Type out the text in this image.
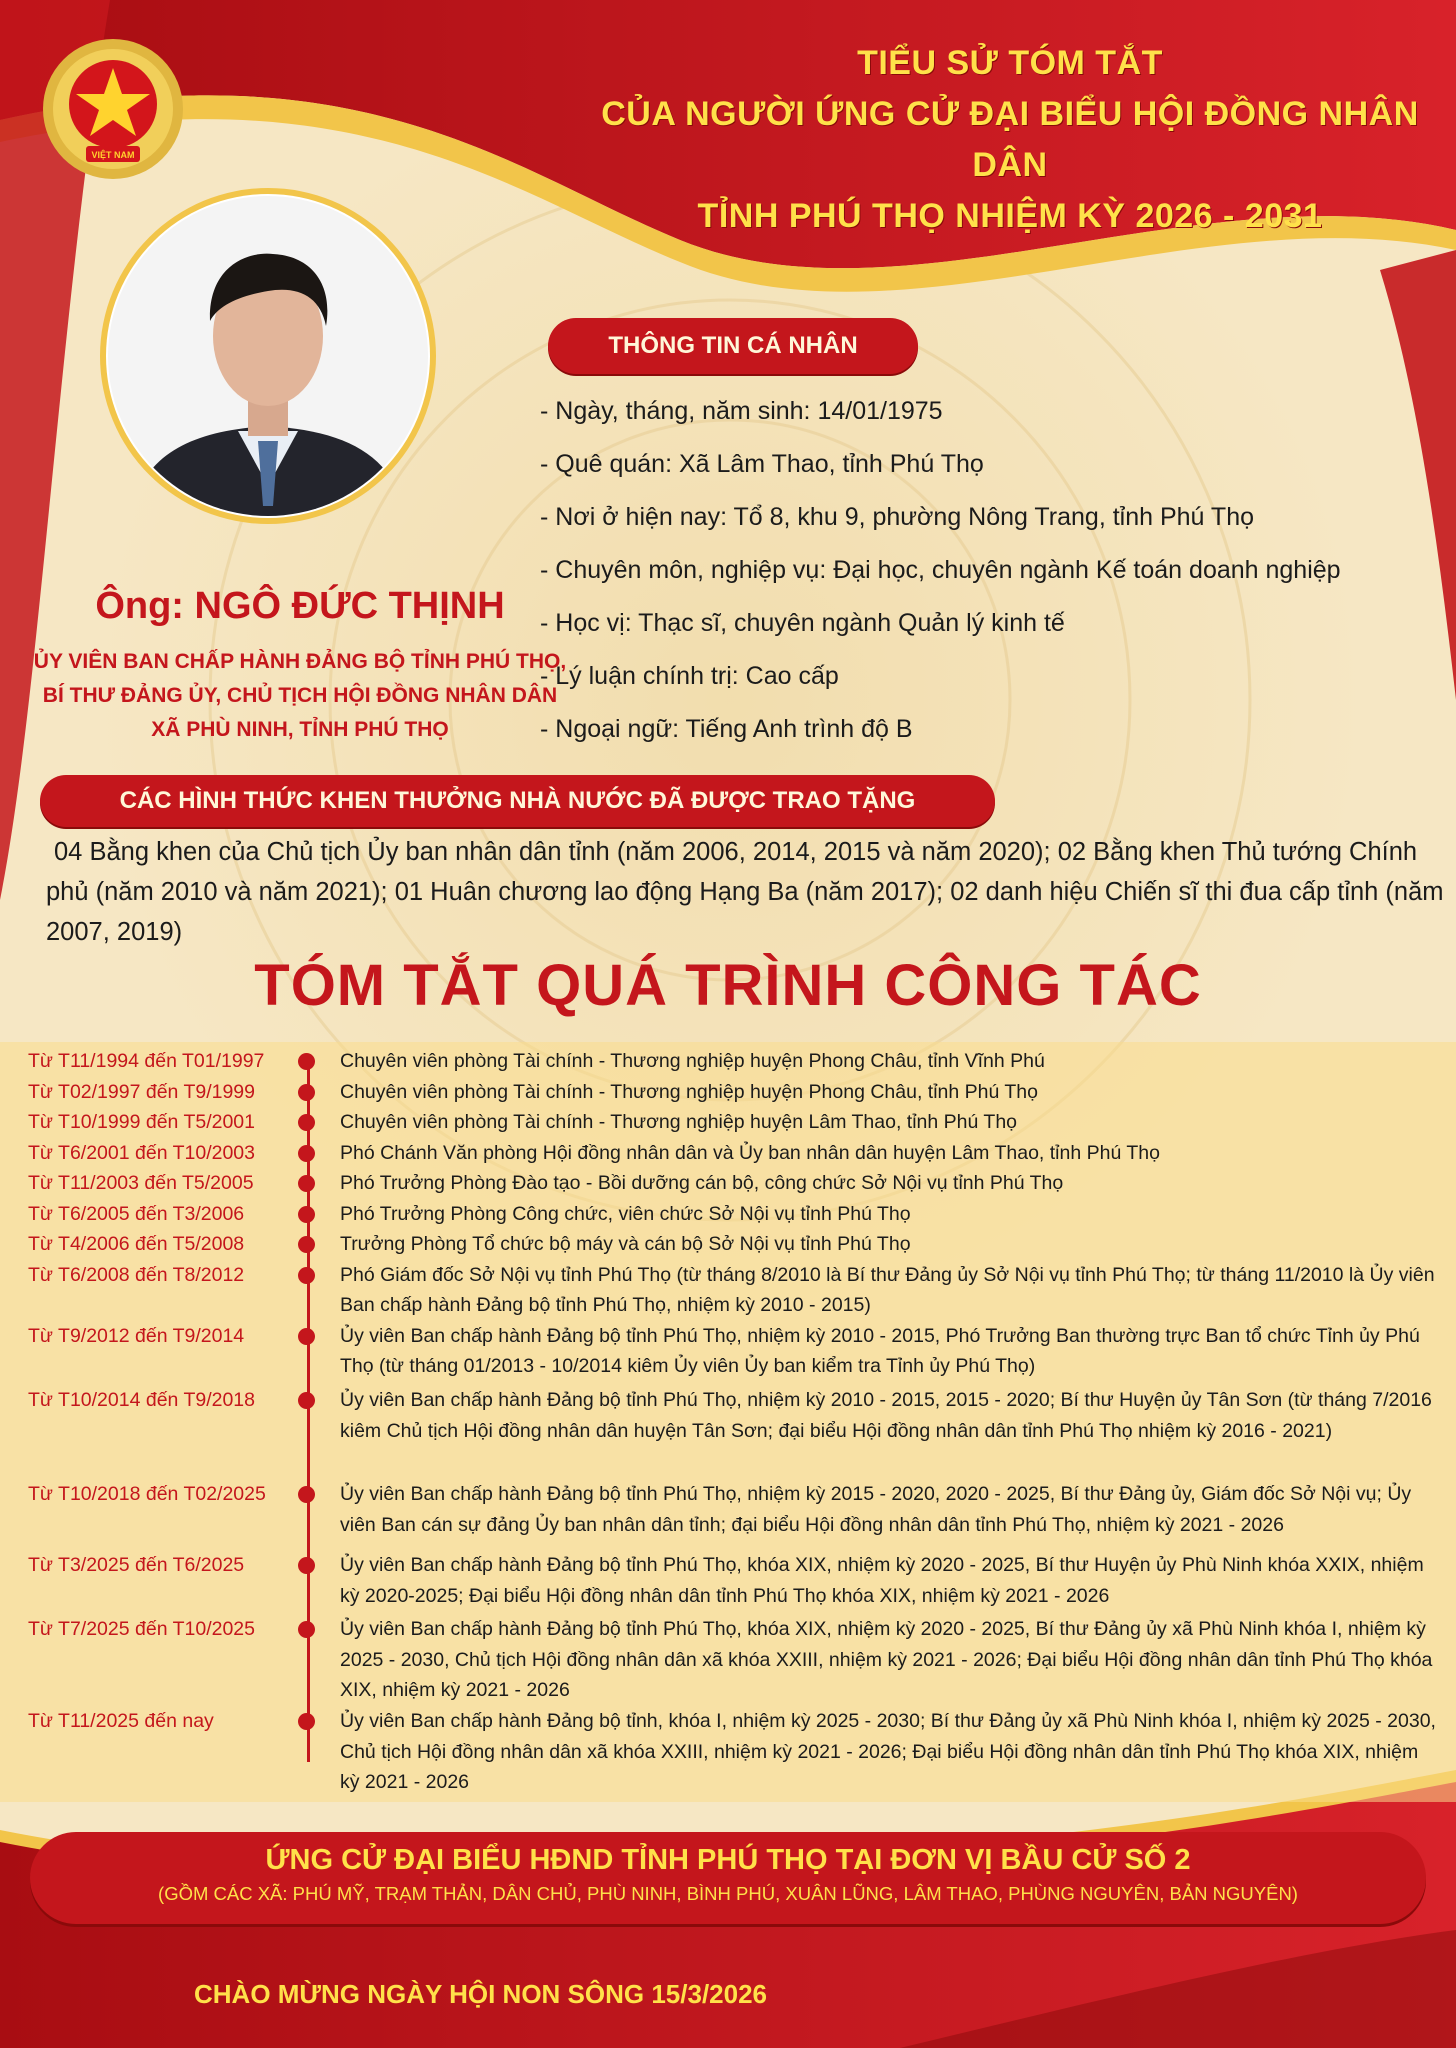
VIỆT NAM
TIỂU SỬ TÓM TẮT
CỦA NGƯỜI ỨNG CỬ ĐẠI BIỂU HỘI ĐỒNG NHÂN DÂN
TỈNH PHÚ THỌ NHIỆM KỲ 2026 - 2031
Ông: NGÔ ĐỨC THỊNH
ỦY VIÊN BAN CHẤP HÀNH ĐẢNG BỘ TỈNH PHÚ THỌ,
BÍ THƯ ĐẢNG ỦY, CHỦ TỊCH HỘI ĐỒNG NHÂN DÂN
XÃ PHÙ NINH, TỈNH PHÚ THỌ
THÔNG TIN CÁ NHÂN
- Ngày, tháng, năm sinh: 14/01/1975
- Quê quán: Xã Lâm Thao, tỉnh Phú Thọ
- Nơi ở hiện nay: Tổ 8, khu 9, phường Nông Trang, tỉnh Phú Thọ
- Chuyên môn, nghiệp vụ: Đại học, chuyên ngành Kế toán doanh nghiệp
- Học vị: Thạc sĩ, chuyên ngành Quản lý kinh tế
- Lý luận chính trị: Cao cấp
- Ngoại ngữ: Tiếng Anh trình độ B
CÁC HÌNH THỨC KHEN THƯỞNG NHÀ NƯỚC ĐÃ ĐƯỢC TRAO TẶNG
04 Bằng khen của Chủ tịch Ủy ban nhân dân tỉnh (năm 2006, 2014, 2015 và năm 2020); 02 Bằng khen Thủ tướng Chính phủ (năm 2010 và năm 2021); 01 Huân chương lao động Hạng Ba (năm 2017); 02 danh hiệu Chiến sĩ thi đua cấp tỉnh (năm 2007, 2019)
TÓM TẮT QUÁ TRÌNH CÔNG TÁC
Từ T11/1994 đến T01/1997	Chuyên viên phòng Tài chính - Thương nghiệp huyện Phong Châu, tỉnh Vĩnh Phú
Từ T02/1997 đến T9/1999	Chuyên viên phòng Tài chính - Thương nghiệp huyện Phong Châu, tỉnh Phú Thọ
Từ T10/1999 đến T5/2001	Chuyên viên phòng Tài chính - Thương nghiệp huyện Lâm Thao, tỉnh Phú Thọ
Từ T6/2001 đến T10/2003	Phó Chánh Văn phòng Hội đồng nhân dân và Ủy ban nhân dân huyện Lâm Thao, tỉnh Phú Thọ
Từ T11/2003 đến T5/2005	Phó Trưởng Phòng Đào tạo - Bồi dưỡng cán bộ, công chức Sở Nội vụ tỉnh Phú Thọ
Từ T6/2005 đến T3/2006	Phó Trưởng Phòng Công chức, viên chức Sở Nội vụ tỉnh Phú Thọ
Từ T4/2006 đến T5/2008	Trưởng Phòng Tổ chức bộ máy và cán bộ Sở Nội vụ tỉnh Phú Thọ
Từ T6/2008 đến T8/2012	Phó Giám đốc Sở Nội vụ tỉnh Phú Thọ (từ tháng 8/2010 là Bí thư Đảng ủy Sở Nội vụ tỉnh Phú Thọ; từ tháng 11/2010 là Ủy viên Ban chấp hành Đảng bộ tỉnh Phú Thọ, nhiệm kỳ 2010 - 2015)
Từ T9/2012 đến T9/2014	Ủy viên Ban chấp hành Đảng bộ tỉnh Phú Thọ, nhiệm kỳ 2010 - 2015, Phó Trưởng Ban thường trực Ban tổ chức Tỉnh ủy Phú Thọ (từ tháng 01/2013 - 10/2014 kiêm Ủy viên Ủy ban kiểm tra Tỉnh ủy Phú Thọ)
Từ T10/2014 đến T9/2018	Ủy viên Ban chấp hành Đảng bộ tỉnh Phú Thọ, nhiệm kỳ 2010 - 2015, 2015 - 2020; Bí thư Huyện ủy Tân Sơn (từ tháng 7/2016 kiêm Chủ tịch Hội đồng nhân dân huyện Tân Sơn; đại biểu Hội đồng nhân dân tỉnh Phú Thọ nhiệm kỳ 2016 - 2021)
Từ T10/2018 đến T02/2025	Ủy viên Ban chấp hành Đảng bộ tỉnh Phú Thọ, nhiệm kỳ 2015 - 2020, 2020 - 2025, Bí thư Đảng ủy, Giám đốc Sở Nội vụ; Ủy viên Ban cán sự đảng Ủy ban nhân dân tỉnh; đại biểu Hội đồng nhân dân tỉnh Phú Thọ, nhiệm kỳ 2021 - 2026
Từ T3/2025 đến T6/2025	Ủy viên Ban chấp hành Đảng bộ tỉnh Phú Thọ, khóa XIX, nhiệm kỳ 2020 - 2025, Bí thư Huyện ủy Phù Ninh khóa XXIX, nhiệm kỳ 2020-2025; Đại biểu Hội đồng nhân dân tỉnh Phú Thọ khóa XIX, nhiệm kỳ 2021 - 2026
Từ T7/2025 đến T10/2025	Ủy viên Ban chấp hành Đảng bộ tỉnh Phú Thọ, khóa XIX, nhiệm kỳ 2020 - 2025, Bí thư Đảng ủy xã Phù Ninh khóa I, nhiệm kỳ 2025 - 2030, Chủ tịch Hội đồng nhân dân xã khóa XXIII, nhiệm kỳ 2021 - 2026; Đại biểu Hội đồng nhân dân tỉnh Phú Thọ khóa XIX, nhiệm kỳ 2021 - 2026
Từ T11/2025 đến nay	Ủy viên Ban chấp hành Đảng bộ tỉnh, khóa I, nhiệm kỳ 2025 - 2030; Bí thư Đảng ủy xã Phù Ninh khóa I, nhiệm kỳ 2025 - 2030, Chủ tịch Hội đồng nhân dân xã khóa XXIII, nhiệm kỳ 2021 - 2026; Đại biểu Hội đồng nhân dân tỉnh Phú Thọ khóa XIX, nhiệm kỳ 2021 - 2026
ỨNG CỬ ĐẠI BIỂU HĐND TỈNH PHÚ THỌ TẠI ĐƠN VỊ BẦU CỬ SỐ 2
(GỒM CÁC XÃ: PHÚ MỸ, TRẠM THẢN, DÂN CHỦ, PHÙ NINH, BÌNH PHÚ, XUÂN LŨNG, LÂM THAO, PHÙNG NGUYÊN, BẢN NGUYÊN)
CHÀO MỪNG NGÀY HỘI NON SÔNG 15/3/2026
